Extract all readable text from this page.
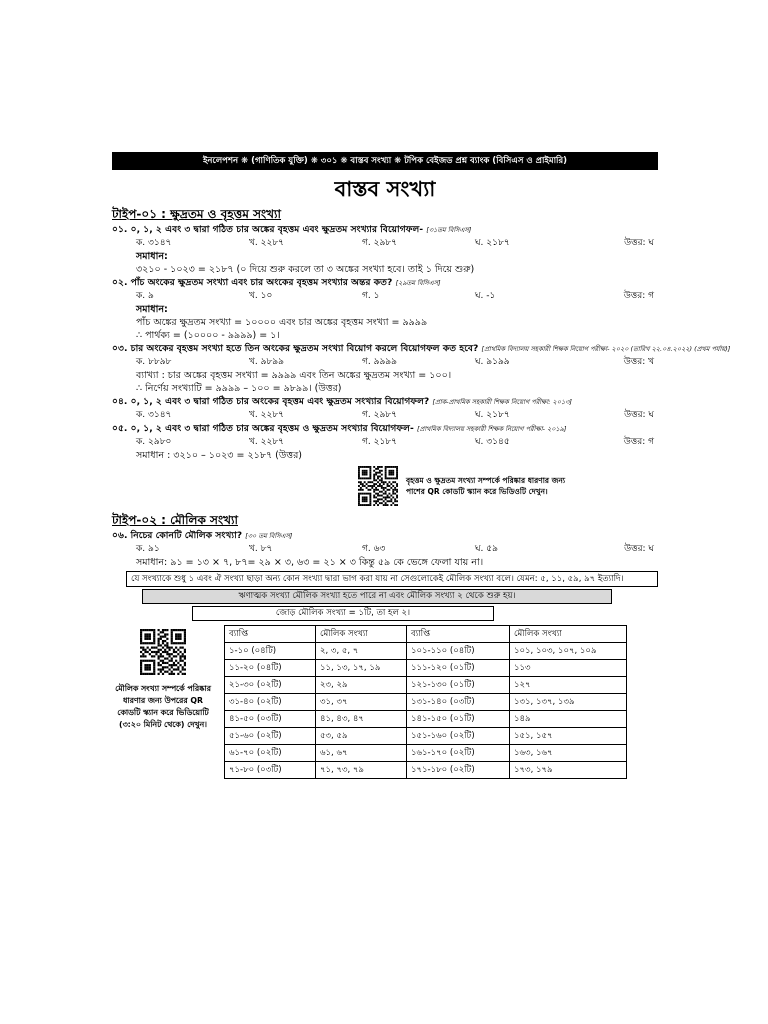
ইনলেপশন ❋ (গাণিতিক যুক্তি) ❋ ৩০১ ❋ বাস্তব সংখ্যা ❋ টপিক বেইজড প্রশ্ন ব্যাংক (বিসিএস ও প্রাইমারি)
বাস্তব সংখ্যা
টাইপ-০১ : ক্ষুদ্রতম ও বৃহত্তম সংখ্যা
০১. ০, ১, ২ এবং ৩ দ্বারা গঠিত চার অঙ্কের বৃহত্তম এবং ক্ষুদ্রতম সংখ্যার বিয়োগফল- [৩১তম বিসিএস]
ক. ৩১৪৭	খ. ২২৮৭	গ. ২৯৮৭	ঘ. ২১৮৭	উত্তর: ঘ
সমাধান:
৩২১০ - ১০২৩ = ২১৮৭ (০ দিয়ে শুরু করলে তা ৩ অঙ্কের সংখ্যা হবে। তাই ১ দিয়ে শুরু)
০২. পাঁচ অংকের ক্ষুদ্রতম সংখ্যা এবং চার অংকের বৃহত্তম সংখ্যার অন্তর কত? [২৯তম বিসিএস]
ক. ৯	খ. ১০	গ. ১	ঘ. -১	উত্তর: গ
সমাধান:
পাঁচ অঙ্কের ক্ষুদ্রতম সংখ্যা = ১০০০০ এবং চার অঙ্কের বৃহত্তম সংখ্যা = ৯৯৯৯
∴ পার্থক্য = (১০০০০ - ৯৯৯৯) = ১।
০৩. চার অংকের বৃহত্তম সংখ্যা হতে তিন অংকের ক্ষুদ্রতম সংখ্যা বিয়োগ করলে বিয়োগফল কত হবে? [প্রাথমিক বিদ্যালয় সহকারী শিক্ষক নিয়োগ পরীক্ষা- ২০২০ (তারিখ ২২.০৪.২০২২) (প্রথম পর্যায়)]
ক. ৮৮৯৮	খ. ৯৮৯৯	গ. ৯৯৯৯	ঘ. ৯১৯৯	উত্তর: খ
ব্যাখ্যা : চার অঙ্কের বৃহত্তম সংখ্যা = ৯৯৯৯ এবং তিন অঙ্কের ক্ষুদ্রতম সংখ্যা = ১০০।
∴ নির্ণেয় সংখ্যাটি = ৯৯৯৯ – ১০০ = ৯৮৯৯। (উত্তর)
০৪. ০, ১, ২ এবং ৩ দ্বারা গঠিত চার অংকের বৃহত্তম এবং ক্ষুদ্রতম সংখ্যার বিয়োগফল? [প্রাক-প্রাথমিক সহকারী শিক্ষক নিয়োগ পরীক্ষা: ২০১৩]
ক. ৩১৪৭	খ. ২২৮৭	গ. ২৯৮৭	ঘ. ২১৮৭	উত্তর: ঘ
০৫. ০, ১, ২ এবং ৩ দ্বারা গঠিত চার অঙ্কের বৃহত্তম ও ক্ষুদ্রতম সংখ্যার বিয়োগফল- [প্রাথমিক বিদ্যালয় সহকারী শিক্ষক নিয়োগ পরীক্ষা- ২০১৯]
ক. ২৯৮০	খ. ২২৮৭	গ. ২১৮৭	ঘ. ৩১৪৫	উত্তর: গ
সমাধান : ৩২১০ – ১০২৩ = ২১৮৭ (উত্তর)
বৃহত্তম ও ক্ষুদ্রতম সংখ্যা সম্পর্কে পরিষ্কার ধারণার জন্য
পাশের QR কোডটি স্ক্যান করে ভিডিওটি দেখুন।
টাইপ-০২ : মৌলিক সংখ্যা
০৬. নিচের কোনটি মৌলিক সংখ্যা? [৩০ তম বিসিএস]
ক. ৯১	খ. ৮৭	গ. ৬৩	ঘ. ৫৯	উত্তর: ঘ
সমাধান: ৯১ = ১৩ × ৭, ৮৭= ২৯ × ৩, ৬৩ = ২১ × ৩ কিন্তু ৫৯ কে ভেঙ্গে ফেলা যায় না।
যে সংখ্যাকে শুধু ১ এবং ঐ সংখ্যা ছাড়া অন্য কোন সংখ্যা দ্বারা ভাগ করা যায় না সেগুলোকেই মৌলিক সংখ্যা বলে। যেমন: ৫, ১১, ৫৯, ৯৭ ইত্যাদি।
ঋণাত্মক সংখ্যা মৌলিক সংখ্যা হতে পারে না এবং মৌলিক সংখ্যা ২ থেকে শুরু হয়।
জোড় মৌলিক সংখ্যা = ১টি, তা হল ২।
মৌলিক সংখ্যা সম্পর্কে পরিষ্কার ধারণার জন্য উপরের QR কোডটি স্ক্যান করে ভিডিয়োটি (৩:২০ মিনিট থেকে) দেখুন।
ব্যাপ্তি	মৌলিক সংখ্যা	ব্যাপ্তি	মৌলিক সংখ্যা
১-১০ (০৪টি)	২, ৩, ৫, ৭	১০১-১১০ (০৪টি)	১০১, ১০৩, ১০৭, ১০৯
১১-২০ (০৪টি)	১১, ১৩, ১৭, ১৯	১১১-১২০ (০১টি)	১১৩
২১-৩০ (০২টি)	২৩, ২৯	১২১-১৩০ (০১টি)	১২৭
৩১-৪০ (০২টি)	৩১, ৩৭	১৩১-১৪০ (০৩টি)	১৩১, ১৩৭, ১৩৯
৪১-৫০ (০৩টি)	৪১, ৪৩, ৪৭	১৪১-১৫০ (০১টি)	১৪৯
৫১-৬০ (০২টি)	৫৩, ৫৯	১৫১-১৬০ (০২টি)	১৫১, ১৫৭
৬১-৭০ (০২টি)	৬১, ৬৭	১৬১-১৭০ (০২টি)	১৬৩, ১৬৭
৭১-৮০ (০৩টি)	৭১, ৭৩, ৭৯	১৭১-১৮০ (০২টি)	১৭৩, ১৭৯
